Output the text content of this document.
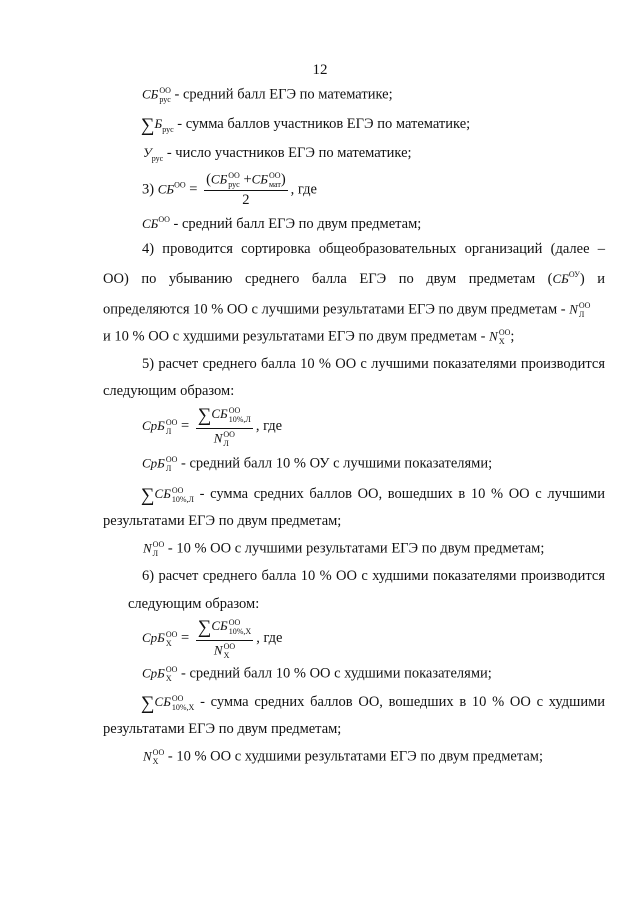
12
СБ ОО
рус - средний балл ЕГЭ по математике;
$\sum Б_{рус}$ - сумма баллов участников ЕГЭ по математике;
$У_{рус}$ - число участников ЕГЭ по математике;
3) $СБ^{ОО} = (СБ$ ОО
рус +СБ ОО
мат )
2 , где
$СБ^{ОО}$ - средний балл ЕГЭ по двум предметам;
4) проводится сортировка общеобразовательных организаций (далее –
ОО) по убыванию среднего балла ЕГЭ по двум предметам $(СБ^{ОУ})$ и
определяются 10 % ОО с лучшими результатами ЕГЭ по двум предметам - N ОО
Л
и 10 % ОО с худшими результатами ЕГЭ по двум предметам - N ОО
Х ;
5) расчет среднего балла 10 % ОО с лучшими показателями производится
следующим образом:
СрБ ОО
Л = ∑СБ ОО
10%,Л
N ОО
Л , где
СрБ ОО
Л - средний балл 10 % ОУ с лучшими показателями;
∑СБ ОО
10%,Л - сумма средних баллов ОО, вошедших в 10 % ОО с лучшими
результатами ЕГЭ по двум предметам;
N ОО
Л - 10 % ОО с лучшими результатами ЕГЭ по двум предметам;
6) расчет среднего балла 10 % ОО с худшими показателями производится
следующим образом:
СрБ ОО
Х = ∑СБ ОО
10%,Х
N ОО
Х , где
СрБ ОО
Х - средний балл 10 % ОО с худшими показателями;
∑СБ ОО
10%,Х - сумма средних баллов ОО, вошедших в 10 % ОО с худшими
результатами ЕГЭ по двум предметам;
N ОО
Х - 10 % ОО с худшими результатами ЕГЭ по двум предметам;
